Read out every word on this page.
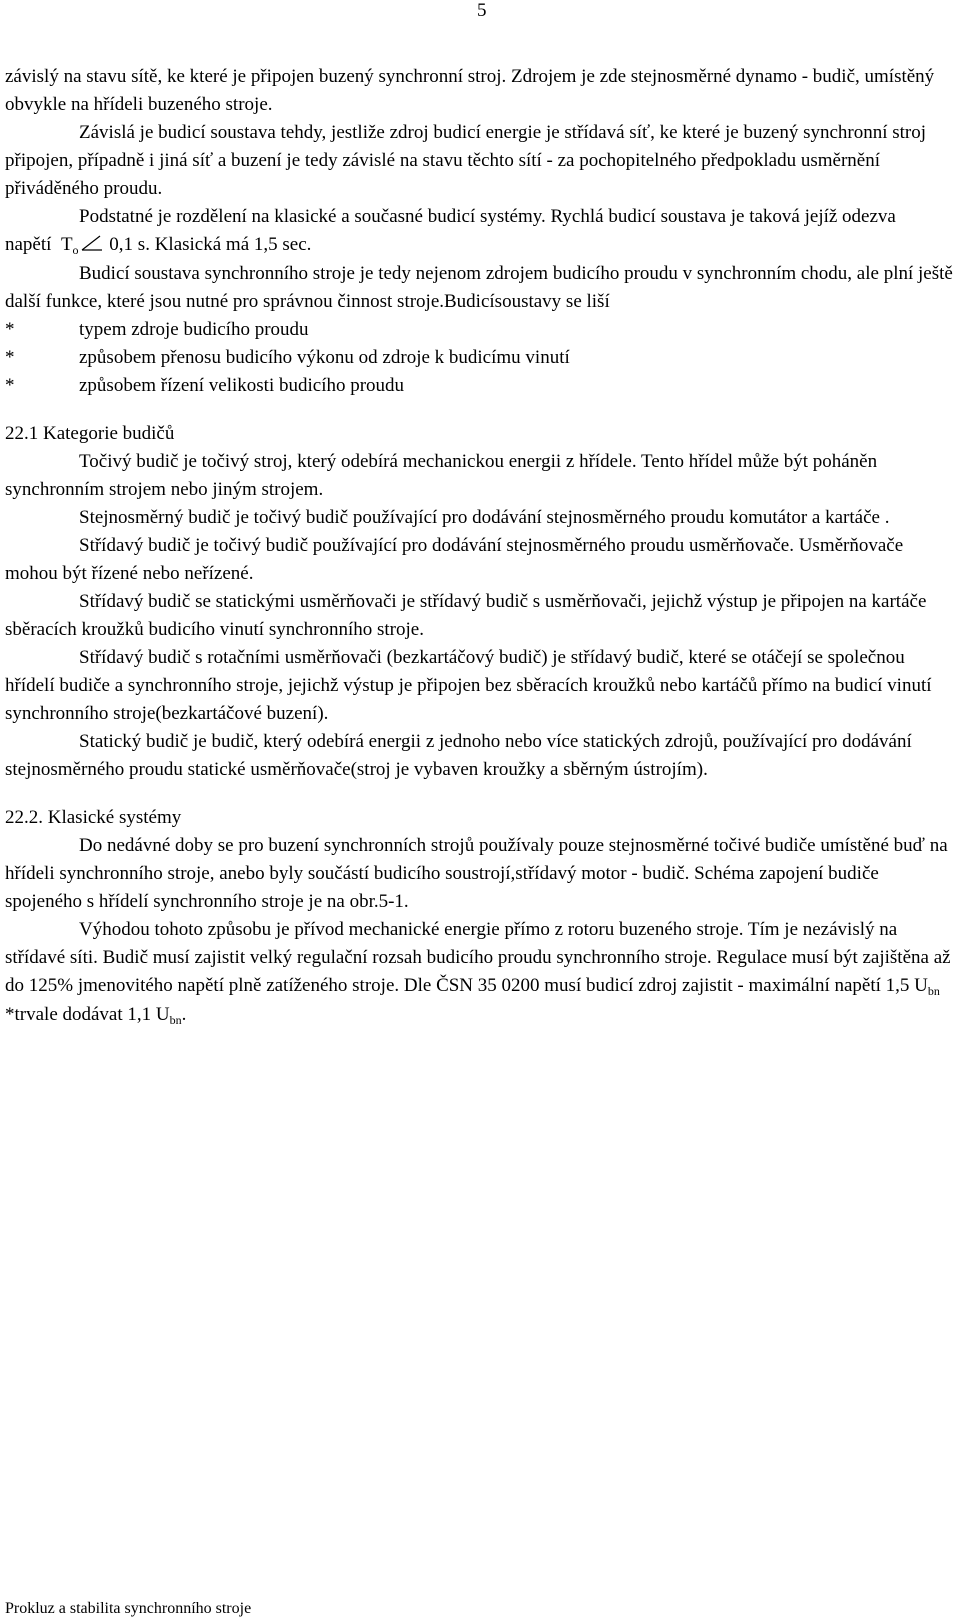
5

závislý na stavu sítě, ke které je připojen buzený synchronní stroj. Zdrojem je zde stejnosměrné dynamo - budič, umístěný obvykle na hřídeli buzeného stroje.

Závislá je budicí soustava tehdy, jestliže zdroj budicí energie je střídavá síť, ke které je buzený synchronní stroj připojen, případně i jiná síť a buzení je tedy závislé na stavu těchto sítí - za pochopitelného předpokladu usměrnění přiváděného proudu.

Podstatné je rozdělení na klasické a současné budicí systémy. Rychlá budicí soustava je taková jejíž odezva napětí $T_o$ 0,1 s. Klasická má 1,5 sec.

Budicí soustava synchronního stroje je tedy nejenom zdrojem budicího proudu v synchronním chodu, ale plní ještě další funkce, které jsou nutné pro správnou činnost stroje.Budicísoustavy se liší

*	typem zdroje budicího proudu
*	způsobem přenosu budicího výkonu od zdroje k budicímu vinutí
*	způsobem řízení velikosti budicího proudu

22.1 Kategorie budičů

Točivý budič je točivý stroj, který odebírá mechanickou energii z hřídele. Tento hřídel může být poháněn synchronním strojem nebo jiným strojem.

Stejnosměrný budič je točivý budič používající pro dodávání stejnosměrného proudu komutátor a kartáče .

Střídavý budič je točivý budič používající pro dodávání stejnosměrného proudu usměrňovače. Usměrňovače mohou být řízené nebo neřízené.

Střídavý budič se statickými usměrňovači je střídavý budič s usměrňovači, jejichž výstup je připojen na kartáče sběracích kroužků budicího vinutí synchronního stroje.

Střídavý budič s rotačními usměrňovači (bezkartáčový budič) je střídavý budič, které se otáčejí se společnou hřídelí budiče a synchronního stroje, jejichž výstup je připojen bez sběracích kroužků nebo kartáčů přímo na budicí vinutí synchronního stroje(bezkartáčové buzení).

Statický budič je budič, který odebírá energii z jednoho nebo více statických zdrojů, používající pro dodávání stejnosměrného proudu statické usměrňovače(stroj je vybaven kroužky a sběrným ústrojím).

22.2. Klasické systémy

Do nedávné doby se pro buzení synchronních strojů používaly pouze stejnosměrné točivé budiče umístěné buď na hřídeli synchronního stroje, anebo byly součástí budicího soustrojí,střídavý motor - budič. Schéma zapojení budiče spojeného s hřídelí synchronního stroje je na obr.5-1.

Výhodou tohoto způsobu je přívod mechanické energie přímo z rotoru buzeného stroje. Tím je nezávislý na střídavé síti. Budič musí zajistit velký regulační rozsah budicího proudu synchronního stroje. Regulace musí být zajištěna až do 125% jmenovitého napětí plně zatíženého stroje. Dle ČSN 35 0200 musí budicí zdroj zajistit - maximální napětí 1,5 $U_{bn}$

*trvale dodávat 1,1 $U_{bn}$.

Prokluz a stabilita synchronního stroje
